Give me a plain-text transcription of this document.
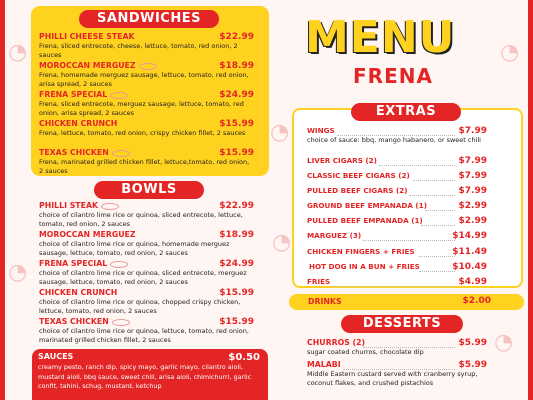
◔
◔
◔
◔
◔
◔
SANDWICHES
PHILLI CHEESE STEAK	$22.99
Frena, sliced entrecote, cheese, lettuce, tomato, red onion, 2 sauces
MOROCCAN MERGUEZ	$18.99
Frena, homemade merguez sausage, lettuce, tomato, red onion, arisa spread, 2 sauces
FRENA SPECIAL	$24.99
Frena, sliced entrecote, merguez sausage, lettuce, tomato, red onion, arisa spread, 2 sauces
CHICKEN CRUNCH	$15.99
Frena, lettuce, tomato, red onion, crispy chicken fillet, 2 sauces
TEXAS CHICKEN	$15.99
Frena, marinated grilled chicken fillet, lettuce,tomato, red onion, 2 sauces
BOWLS
PHILLI STEAK	$22.99
choice of cilantro lime rice or quinoa, sliced entrecote, lettuce, tomato, red onion, 2 sauces
MOROCCAN MERGUEZ	$18.99
choice of cilantro lime rice or quinoa, homemade merguez sausage, lettuce, tomato, red onion, 2 sauces
FRENA SPECIAL	$24.99
choice of cilantro lime rice or quinoa, sliced entrecote, merguez sausage, lettuce, tomato, red onion, 2 sauces
CHICKEN CRUNCH	$15.99
choice of cilantro lime rice or quinoa, chopped crispy chicken, lettuce, tomato, red onion, 2 sauces
TEXAS CHICKEN	$15.99
choice of cilantro lime rice or quinoa, lettuce, tomato, red onion, marinated grilled chicken fillet, 2 sauces
SAUCES	$0.50
creamy pesto, ranch dip, spicy mayo, garlic mayo, cilantro aioli, mustard aioli, bbq sauce, sweet chili, arisa aioli, chimichurri, garlic confit, tahini, schug, mustard, ketchup
MENU
FRENA
EXTRAS
WINGS	$7.99
choice of sauce: bbq, mango habanero, or sweet chili
LIVER CIGARS (2)	$7.99
CLASSIC BEEF CIGARS (2)	$7.99
PULLED BEEF CIGARS (2)	$7.99
GROUND BEEF EMPANADA (1)	$2.99
PULLED BEEF EMPANADA (1)	$2.99
MARGUEZ (3)	$14.99
CHICKEN FINGERS + FRIES	$11.49
HOT DOG IN A BUN + FRIES	$10.49
FRIES	$4.99
DRINKS	$2.00
DESSERTS
CHURROS (2)	$5.99
sugar coated churros, chocolate dip
MALABI	$5.99
Middle Eastern custard served with cranberry syrup, coconut flakes, and crushed pistachios
